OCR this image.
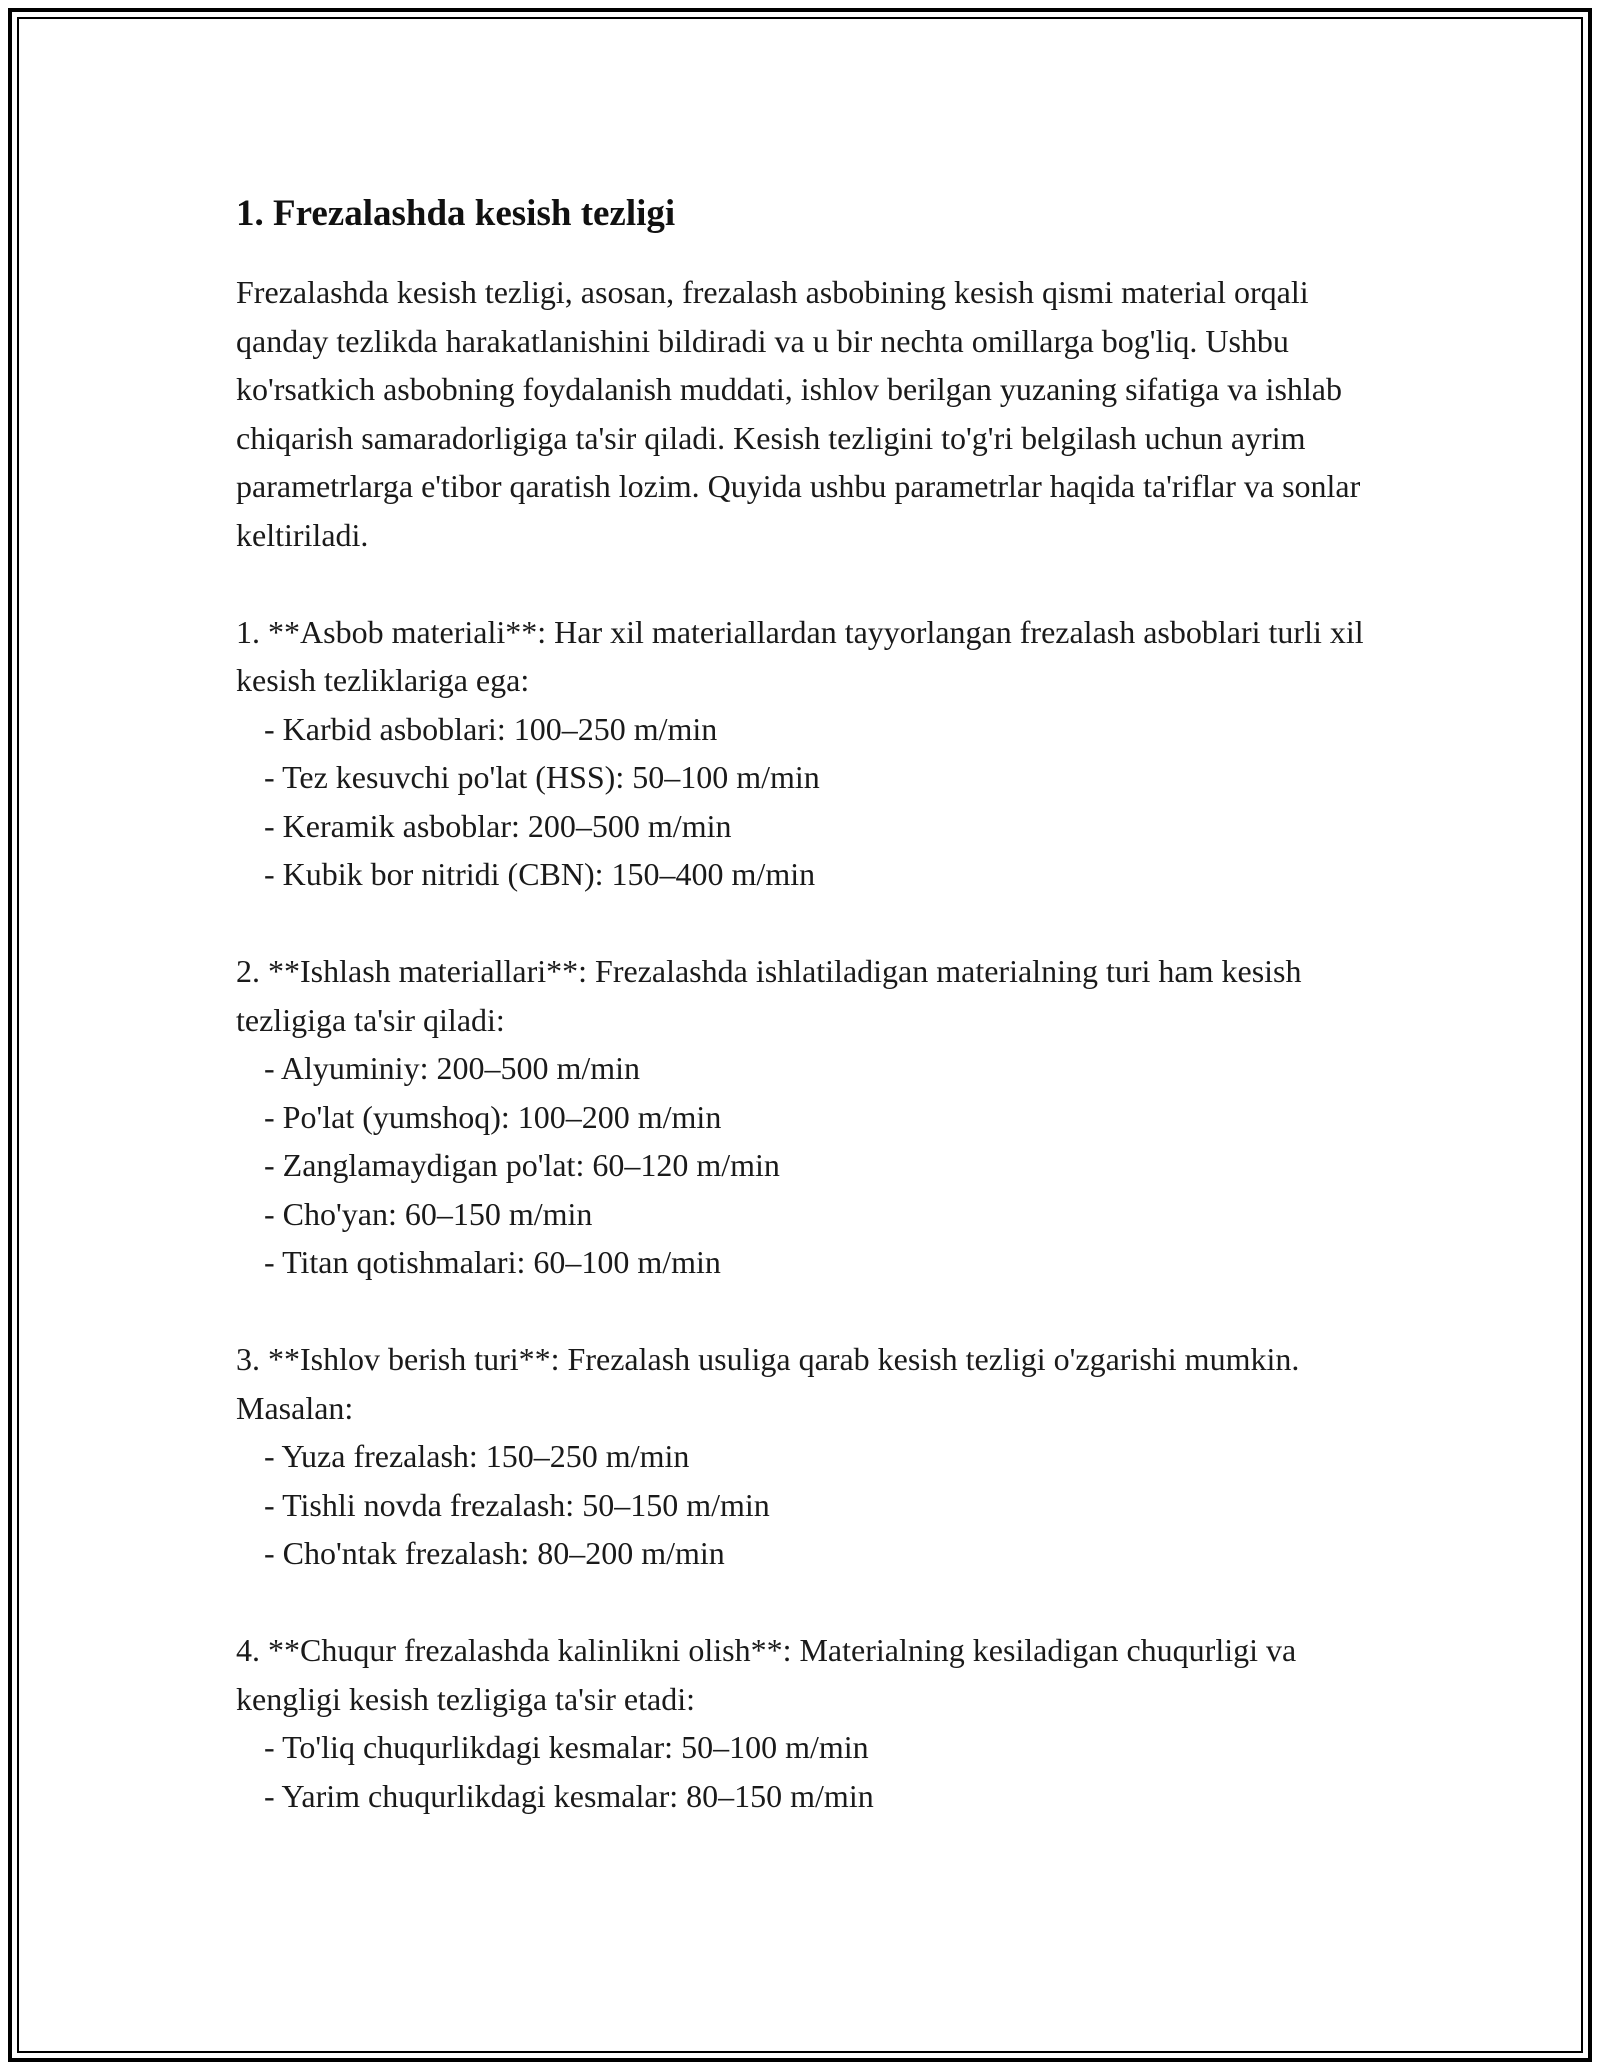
1. Frezalashda kesish tezligi

Frezalashda kesish tezligi, asosan, frezalash asbobining kesish qismi material orqali qanday tezlikda harakatlanishini bildiradi va u bir nechta omillarga bog'liq. Ushbu ko'rsatkich asbobning foydalanish muddati, ishlov berilgan yuzaning sifatiga va ishlab chiqarish samaradorligiga ta'sir qiladi. Kesish tezligini to'g'ri belgilash uchun ayrim parametrlarga e'tibor qaratish lozim. Quyida ushbu parametrlar haqida ta'riflar va sonlar keltiriladi.

1. **Asbob materiali**: Har xil materiallardan tayyorlangan frezalash asboblari turli xil kesish tezliklariga ega:

- Karbid asboblari: 100–250 m/min
- Tez kesuvchi po'lat (HSS): 50–100 m/min
- Keramik asboblar: 200–500 m/min
- Kubik bor nitridi (CBN): 150–400 m/min

2. **Ishlash materiallari**: Frezalashda ishlatiladigan materialning turi ham kesish tezligiga ta'sir qiladi:

- Alyuminiy: 200–500 m/min
- Po'lat (yumshoq): 100–200 m/min
- Zanglamaydigan po'lat: 60–120 m/min
- Cho'yan: 60–150 m/min
- Titan qotishmalari: 60–100 m/min

3. **Ishlov berish turi**: Frezalash usuliga qarab kesish tezligi o'zgarishi mumkin. Masalan:

- Yuza frezalash: 150–250 m/min
- Tishli novda frezalash: 50–150 m/min
- Cho'ntak frezalash: 80–200 m/min

4. **Chuqur frezalashda kalinlikni olish**: Materialning kesiladigan chuqurligi va kengligi kesish tezligiga ta'sir etadi:

- To'liq chuqurlikdagi kesmalar: 50–100 m/min
- Yarim chuqurlikdagi kesmalar: 80–150 m/min
